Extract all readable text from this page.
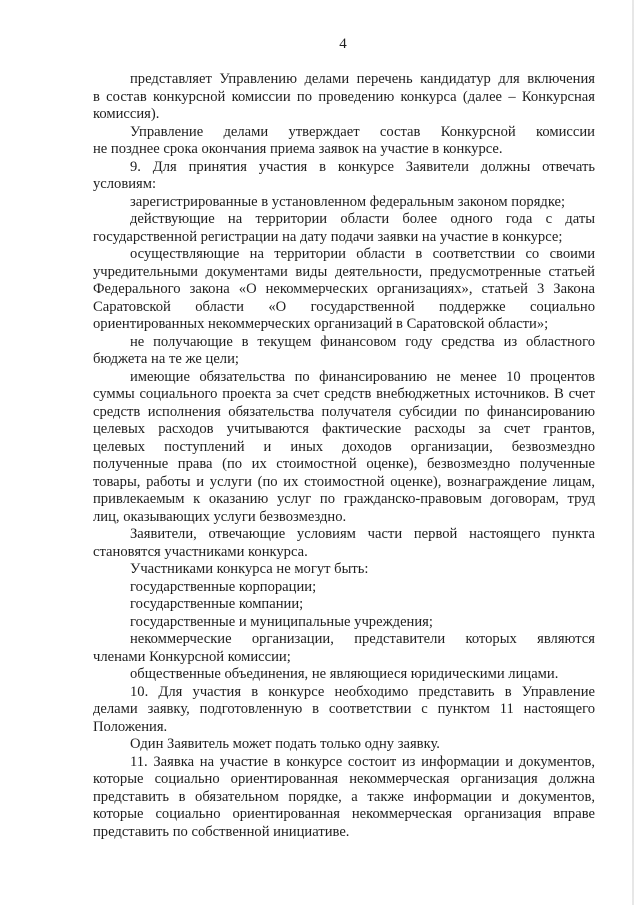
4
представляет Управлению делами перечень кандидатур для включения
в состав конкурсной комиссии по проведению конкурса (далее – Конкурсная
комиссия).
Управление делами утверждает состав Конкурсной комиссии
не позднее срока окончания приема заявок на участие в конкурсе.
9. Для принятия участия в конкурсе Заявители должны отвечать
условиям:
зарегистрированные в установленном федеральным законом порядке;
действующие на территории области более одного года с даты
государственной регистрации на дату подачи заявки на участие в конкурсе;
осуществляющие на территории области в соответствии со своими
учредительными документами виды деятельности, предусмотренные статьей
Федерального закона «О некоммерческих организациях», статьей 3 Закона
Саратовской области «О государственной поддержке социально
ориентированных некоммерческих организаций в Саратовской области»;
не получающие в текущем финансовом году средства из областного
бюджета на те же цели;
имеющие обязательства по финансированию не менее 10 процентов
суммы социального проекта за счет средств внебюджетных источников. В счет
средств исполнения обязательства получателя субсидии по финансированию
целевых расходов учитываются фактические расходы за счет грантов,
целевых поступлений и иных доходов организации, безвозмездно
полученные права (по их стоимостной оценке), безвозмездно полученные
товары, работы и услуги (по их стоимостной оценке), вознаграждение лицам,
привлекаемым к оказанию услуг по гражданско-правовым договорам, труд
лиц, оказывающих услуги безвозмездно.
Заявители, отвечающие условиям части первой настоящего пункта
становятся участниками конкурса.
Участниками конкурса не могут быть:
государственные корпорации;
государственные компании;
государственные и муниципальные учреждения;
некоммерческие организации, представители которых являются
членами Конкурсной комиссии;
общественные объединения, не являющиеся юридическими лицами.
10. Для участия в конкурсе необходимо представить в Управление
делами заявку, подготовленную в соответствии с пунктом 11 настоящего
Положения.
Один Заявитель может подать только одну заявку.
11. Заявка на участие в конкурсе состоит из информации и документов,
которые социально ориентированная некоммерческая организация должна
представить в обязательном порядке, а также информации и документов,
которые социально ориентированная некоммерческая организация вправе
представить по собственной инициативе.
